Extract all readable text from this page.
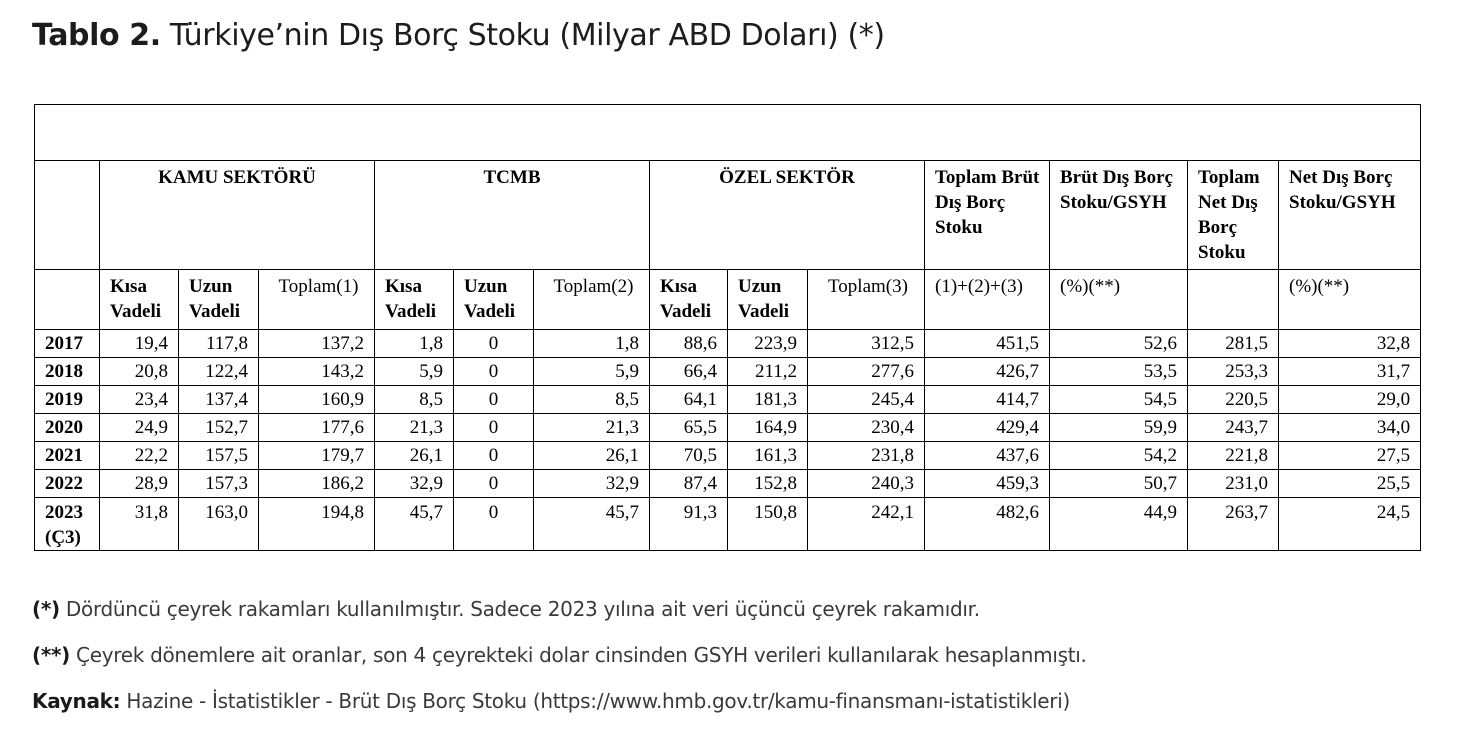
Tablo 2. Türkiye’nin Dış Borç Stoku (Milyar ABD Doları) (*)

	KAMU SEKTÖRÜ			TCMB			ÖZEL SEKTÖR			Toplam Brüt Dış Borç Stoku	Brüt Dış Borç Stoku/GSYH	Toplam Net Dış Borç Stoku	Net Dış Borç Stoku/GSYH
	Kısa Vadeli	Uzun Vadeli	Toplam(1)	Kısa Vadeli	Uzun Vadeli	Toplam(2)	Kısa Vadeli	Uzun Vadeli	Toplam(3)	(1)+(2)+(3)	(%)(**)		(%)(**)
2017	19,4	117,8	137,2	1,8	0	1,8	88,6	223,9	312,5	451,5	52,6	281,5	32,8
2018	20,8	122,4	143,2	5,9	0	5,9	66,4	211,2	277,6	426,7	53,5	253,3	31,7
2019	23,4	137,4	160,9	8,5	0	8,5	64,1	181,3	245,4	414,7	54,5	220,5	29,0
2020	24,9	152,7	177,6	21,3	0	21,3	65,5	164,9	230,4	429,4	59,9	243,7	34,0
2021	22,2	157,5	179,7	26,1	0	26,1	70,5	161,3	231,8	437,6	54,2	221,8	27,5
2022	28,9	157,3	186,2	32,9	0	32,9	87,4	152,8	240,3	459,3	50,7	231,0	25,5
2023 (Ç3)	31,8	163,0	194,8	45,7	0	45,7	91,3	150,8	242,1	482,6	44,9	263,7	24,5
(*) Dördüncü çeyrek rakamları kullanılmıştır. Sadece 2023 yılına ait veri üçüncü çeyrek rakamıdır.
(**) Çeyrek dönemlere ait oranlar, son 4 çeyrekteki dolar cinsinden GSYH verileri kullanılarak hesaplanmıştı.
Kaynak: Hazine - İstatistikler - Brüt Dış Borç Stoku (https://www.hmb.gov.tr/kamu-finansmanı-istatistikleri)
